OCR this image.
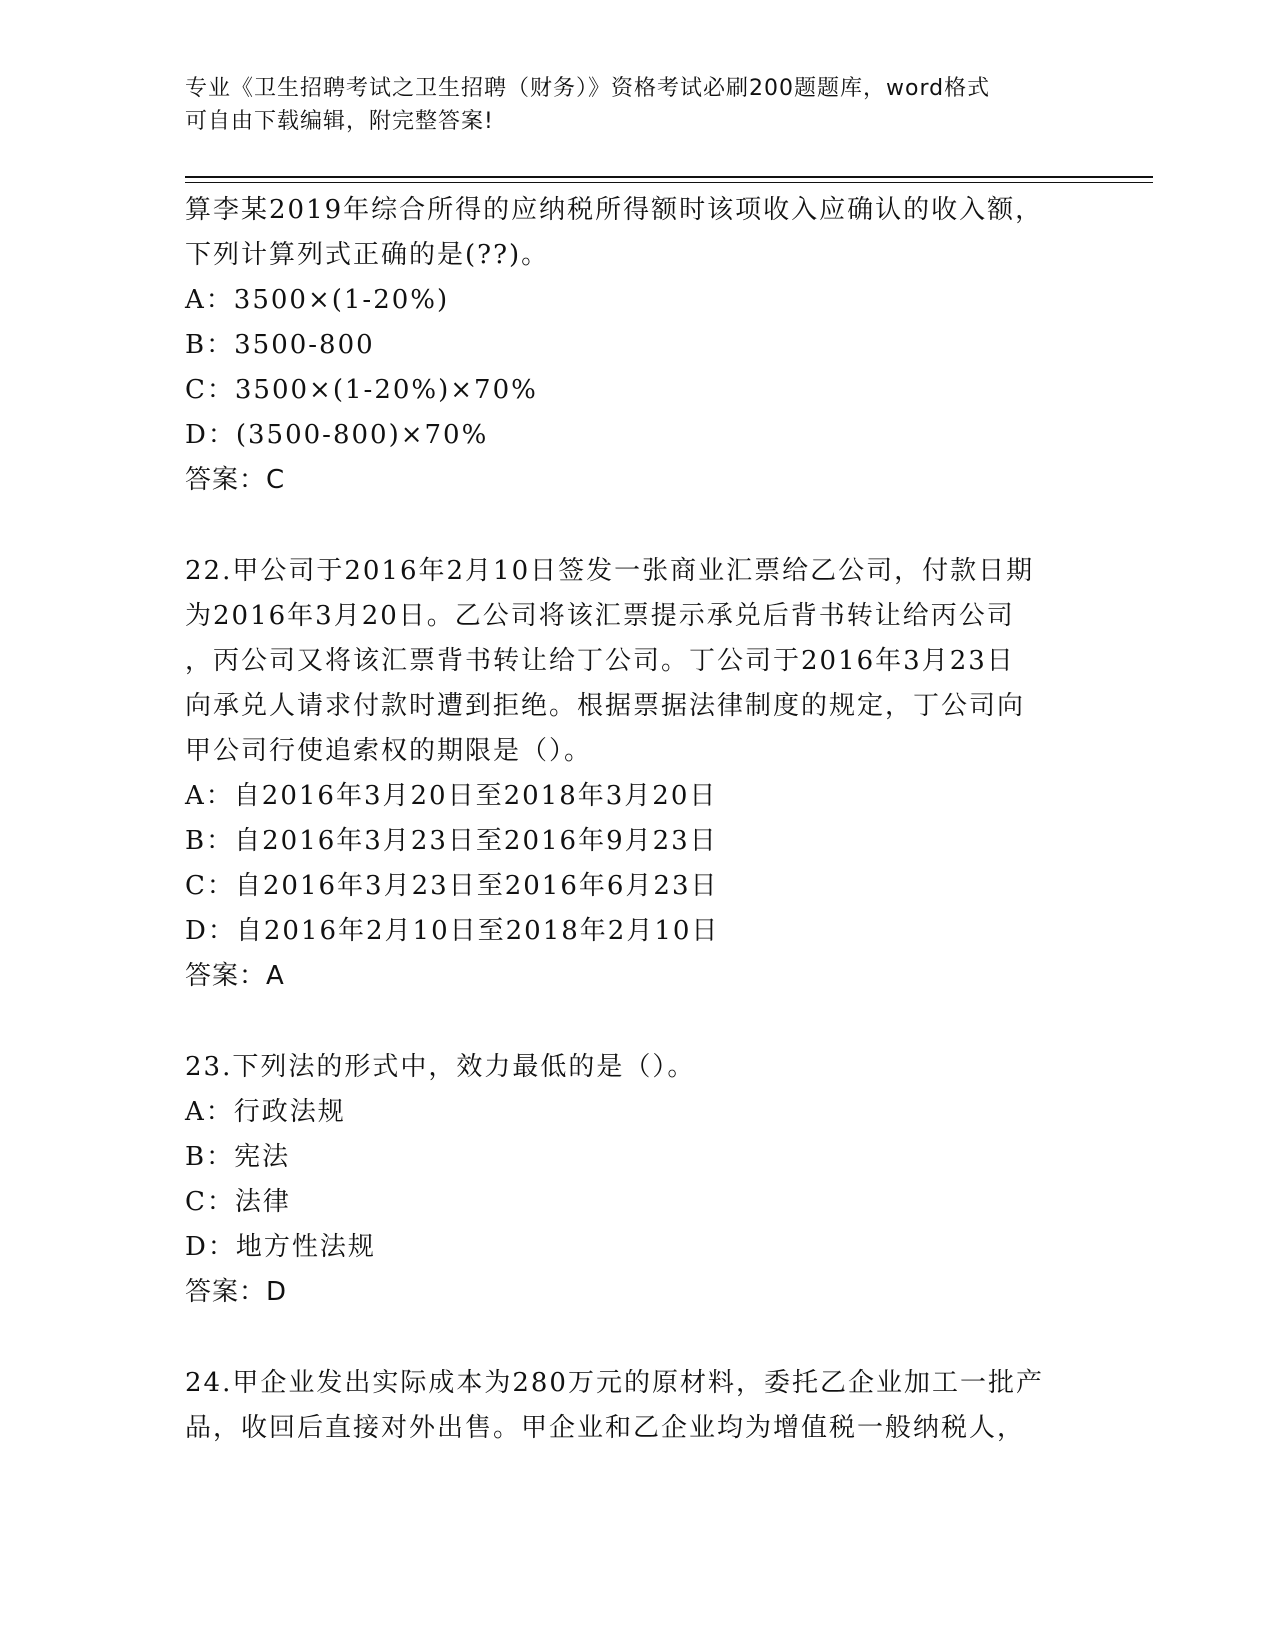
专业《卫生招聘考试之卫生招聘（财务）》资格考试必刷200题题库，word格式
可自由下载编辑，附完整答案!
算李某2019年综合所得的应纳税所得额时该项收入应确认的收入额，
下列计算列式正确的是(??)。
A：3500×(1-20%)
B：3500-800
C：3500×(1-20%)×70%
D：(3500-800)×70%
答案：C
22.甲公司于2016年2月10日签发一张商业汇票给乙公司，付款日期
为2016年3月20日。乙公司将该汇票提示承兑后背书转让给丙公司
，丙公司又将该汇票背书转让给丁公司。丁公司于2016年3月23日
向承兑人请求付款时遭到拒绝。根据票据法律制度的规定，丁公司向
甲公司行使追索权的期限是（）。
A：自2016年3月20日至2018年3月20日
B：自2016年3月23日至2016年9月23日
C：自2016年3月23日至2016年6月23日
D：自2016年2月10日至2018年2月10日
答案：A
23.下列法的形式中，效力最低的是（）。
A：行政法规
B：宪法
C：法律
D：地方性法规
答案：D
24.甲企业发出实际成本为280万元的原材料，委托乙企业加工一批产
品，收回后直接对外出售。甲企业和乙企业均为增值税一般纳税人，
